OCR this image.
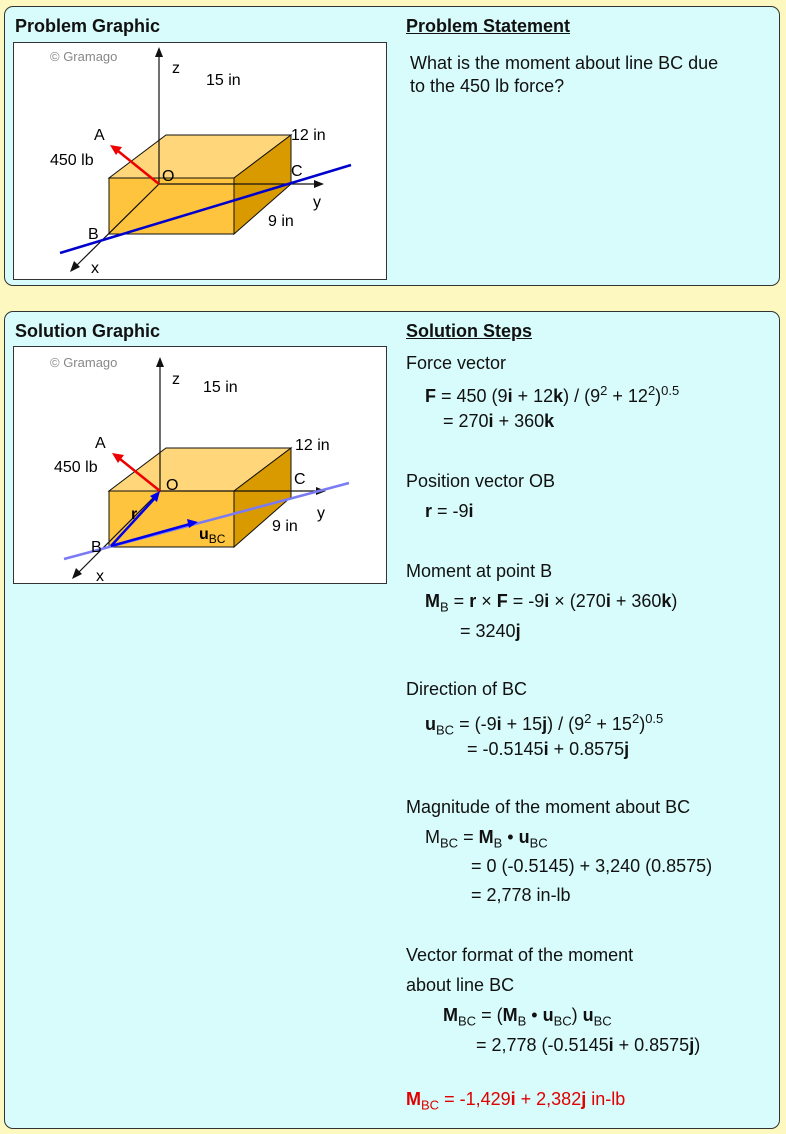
Problem Graphic	Problem Statement
© Gramago
z
15 in
12 in
A
450 lb
O	C
y
9 in
B
x
What is the moment about line BC due
to the 450 lb force?
Solution Graphic	Solution Steps
© Gramago
z 15 in
12 in
A
450 lb
O	C
y
9 in
r
$u_{BC}$
B
x
Force vector
F = 450 $(9i + 12k) / (9^2 + 12^2)^{0.5}$
= 270i + 360k
Position vector OB
r = -9i
Moment at point B
$M_B = r \times F = -9i \times (270i + 360k)$
= 3240j
Direction of BC
$u_{BC} = (-9i + 15j) / (9^2 + 15^2)^{0.5}$
= -0.5145i + 0.8575j
Magnitude of the moment about BC
$M_{BC} = M_B$ • $u_{BC}$
= 0 (-0.5145) + 3,240 (0.8575)
= 2,778 in-lb
Vector format of the moment
about line BC
$M_{BC} = (M_B$ • $u_{BC}$) $u_{BC}$
= 2,778 (-0.5145i + 0.8575j)
$M_{BC} = -1,429i + 2,382j$ in-lb
